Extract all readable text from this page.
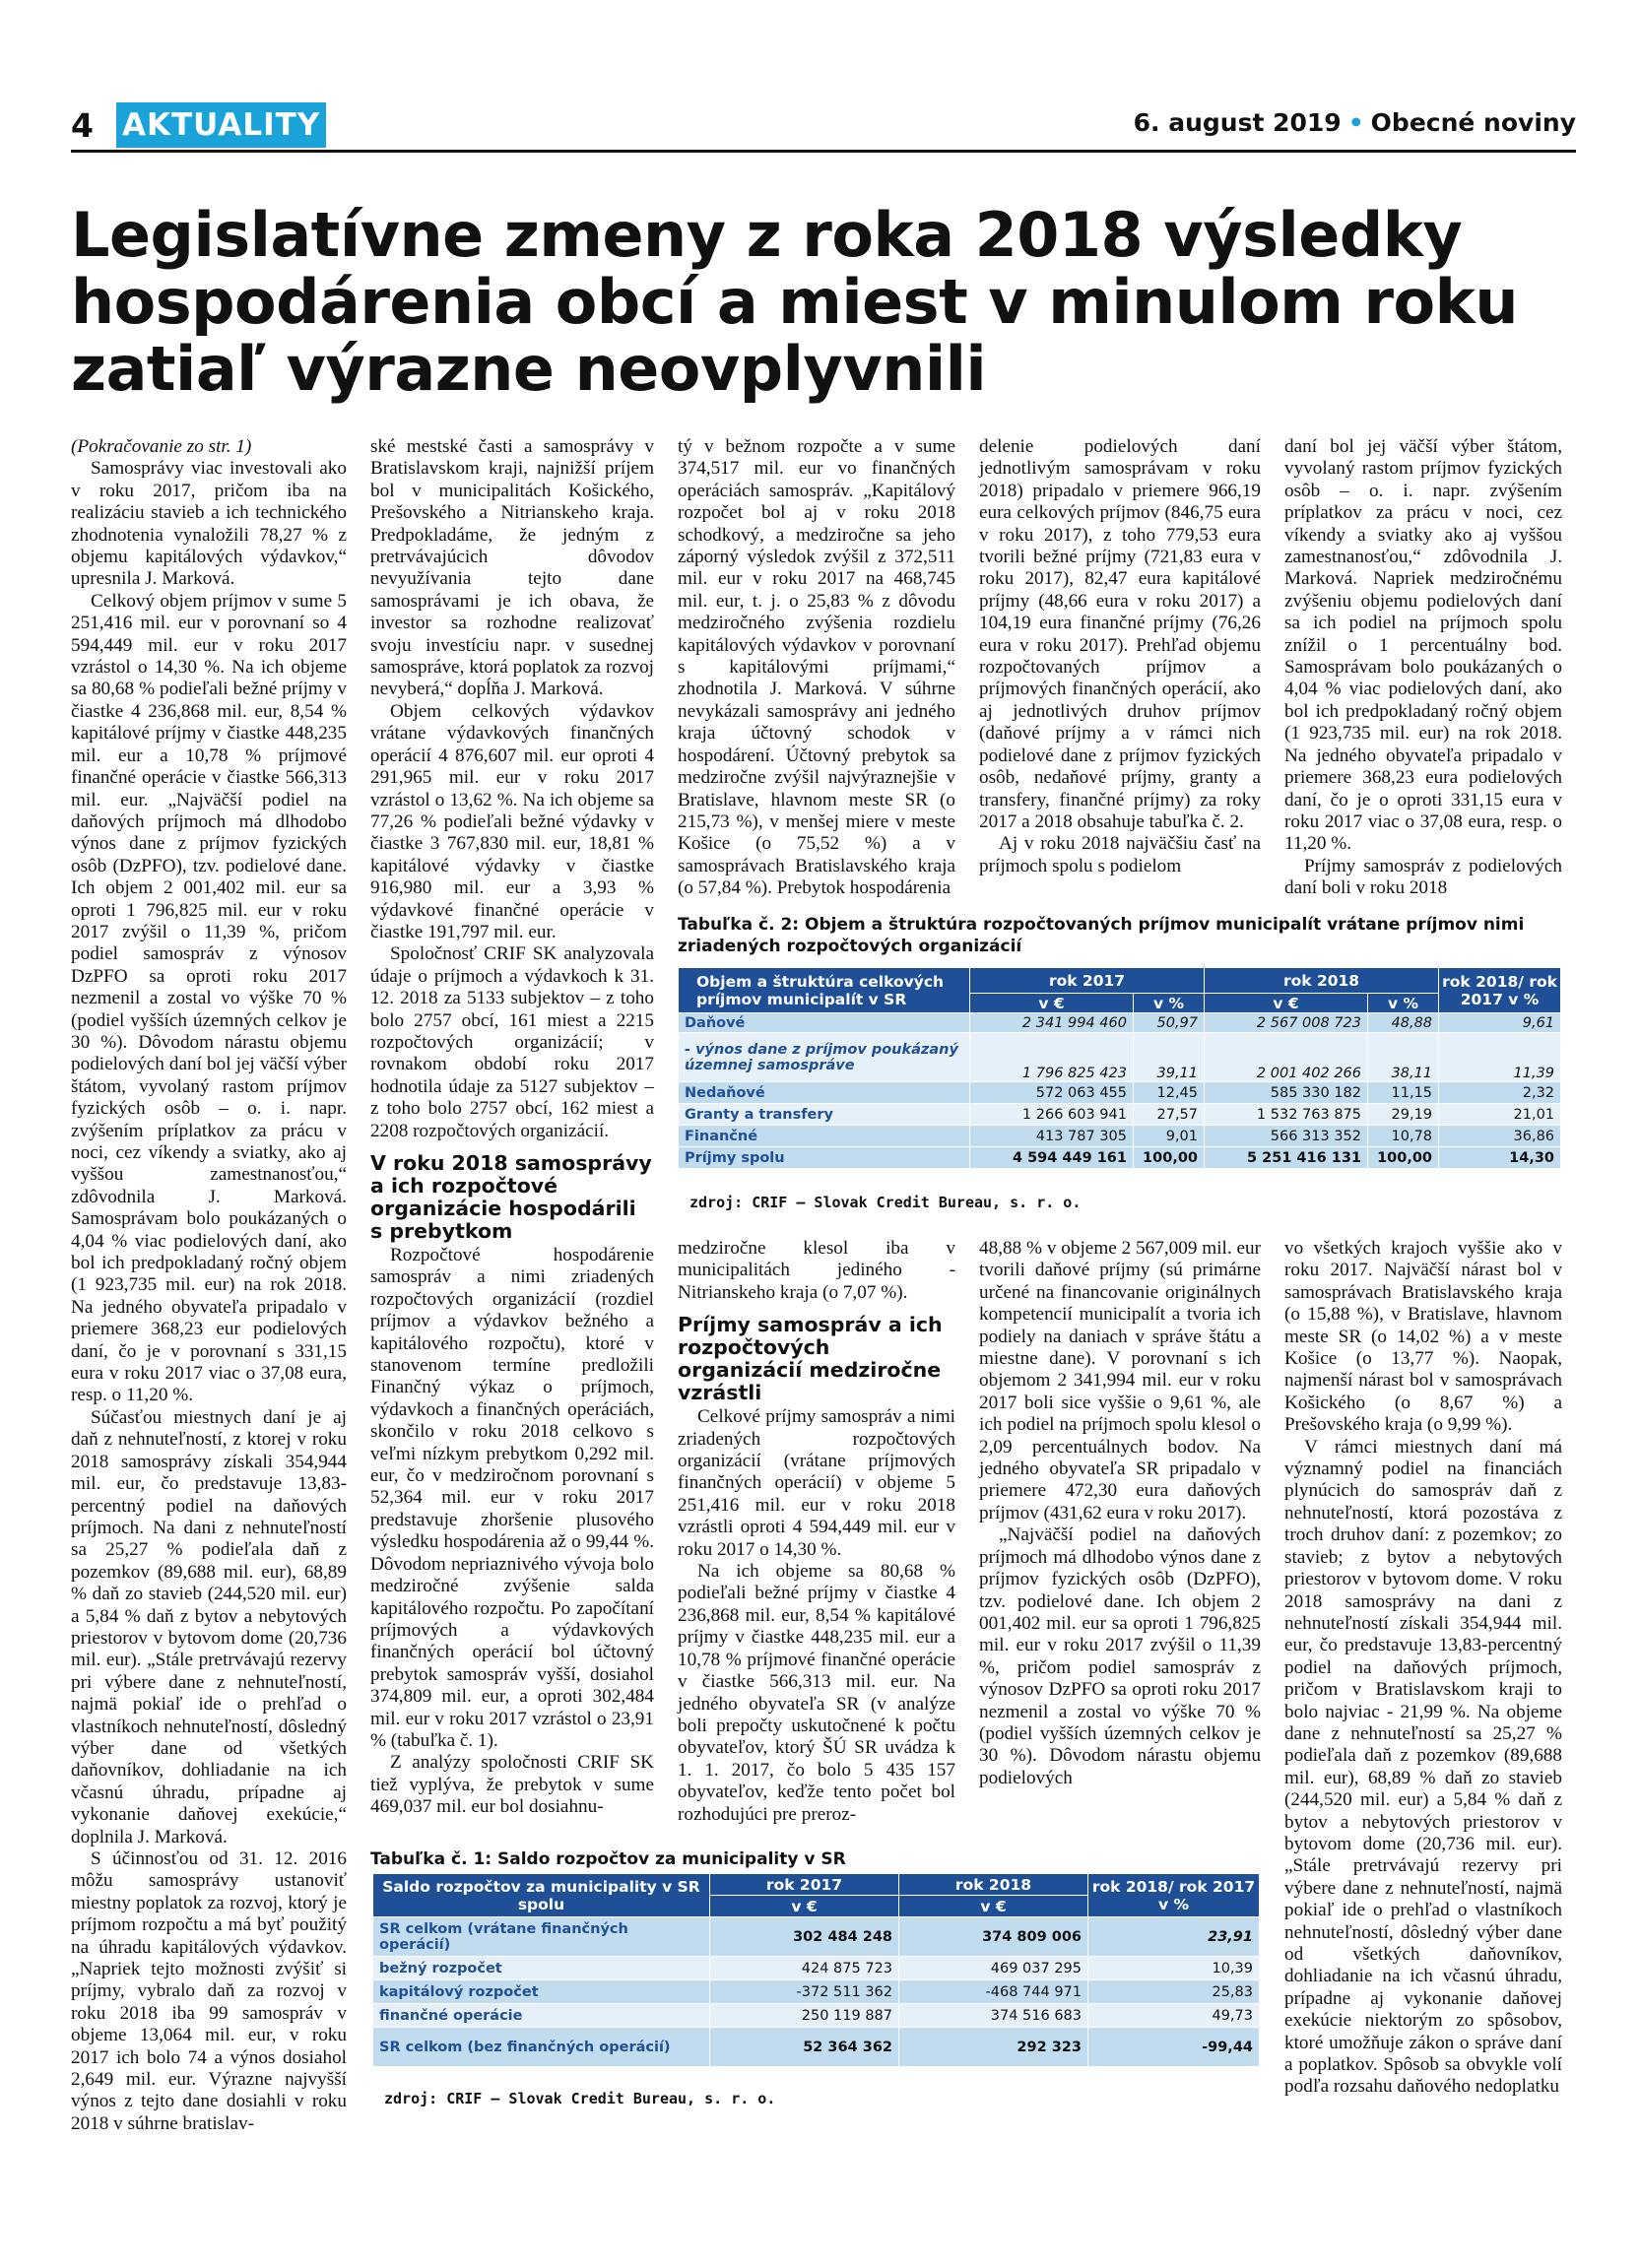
4 AKTUALITY	6. august 2019 • Obecné noviny
Legislatívne zmeny z roka 2018 výsledky hospodárenia obcí a miest v minulom roku zatiaľ výrazne neovplyvnili

(Pokračovanie zo str. 1)

Samosprávy viac investovali ako v roku 2017, pričom iba na realizáciu stavieb a ich technického zhodnotenia vynaložili 78,27 % z objemu kapitálových výdavkov,“ upresnila J. Marková.

Celkový objem príjmov v sume 5 251,416 mil. eur v porovnaní so 4 594,449 mil. eur v roku 2017 vzrástol o 14,30 %. Na ich objeme sa 80,68 % podieľali bežné príjmy v čiastke 4 236,868 mil. eur, 8,54 % kapitálové príjmy v čiastke 448,235 mil. eur a 10,78 % príjmové finančné operácie v čiastke 566,313 mil. eur. „Najväčší podiel na daňových príjmoch má dlhodobo výnos dane z príjmov fyzických osôb (DzPFO), tzv. podielové dane. Ich objem 2 001,402 mil. eur sa oproti 1 796,825 mil. eur v roku 2017 zvýšil o 11,39 %, pričom podiel samospráv z výnosov DzPFO sa oproti roku 2017 nezmenil a zostal vo výške 70 % (podiel vyšších územných celkov je 30 %). Dôvodom nárastu objemu podielových daní bol jej väčší výber štátom, vyvolaný rastom príjmov fyzických osôb – o. i. napr. zvýšením príplatkov za prácu v noci, cez víkendy a sviatky, ako aj vyššou zamestnanosťou,“ zdôvodnila J. Marková. Samosprávam bolo poukázaných o 4,04 % viac podielových daní, ako bol ich predpokladaný ročný objem (1 923,735 mil. eur) na rok 2018. Na jedného obyvateľa pripadalo v priemere 368,23 eur podielových daní, čo je v porovnaní s 331,15 eura v roku 2017 viac o 37,08 eura, resp. o 11,20 %.

Súčasťou miestnych daní je aj daň z nehnuteľností, z ktorej v roku 2018 samosprávy získali 354,944 mil. eur, čo predstavuje 13,83-percentný podiel na daňových príjmoch. Na dani z nehnuteľností sa 25,27 % podieľala daň z pozemkov (89,688 mil. eur), 68,89 % daň zo stavieb (244,520 mil. eur) a 5,84 % daň z bytov a nebytových priestorov v bytovom dome (20,736 mil. eur). „Stále pretrvávajú rezervy pri výbere dane z nehnuteľností, najmä pokiaľ ide o prehľad o vlastníkoch nehnuteľností, dôsledný výber dane od všetkých daňovníkov, dohliadanie na ich včasnú úhradu, prípadne aj vykonanie daňovej exekúcie,“ doplnila J. Marková.

S účinnosťou od 31. 12. 2016 môžu samosprávy ustanoviť miestny poplatok za rozvoj, ktorý je príjmom rozpočtu a má byť použitý na úhradu kapitálových výdavkov. „Napriek tejto možnosti zvýšiť si príjmy, vybralo daň za rozvoj v roku 2018 iba 99 samospráv v objeme 13,064 mil. eur, v roku 2017 ich bolo 74 a výnos dosiahol 2,649 mil. eur. Výrazne najvyšší výnos z tejto dane dosiahli v roku 2018 v súhrne bratislav-

ské mestské časti a samosprávy v Bratislavskom kraji, najnižší príjem bol v municipalitách Košického, Prešovského a Nitrianskeho kraja. Predpokladáme, že jedným z pretrvávajúcich dôvodov nevyužívania tejto dane samosprávami je ich obava, že investor sa rozhodne realizovať svoju investíciu napr. v susednej samospráve, ktorá poplatok za rozvoj nevyberá,“ dopĺňa J. Marková.

Objem celkových výdavkov vrátane výdavkových finančných operácií 4 876,607 mil. eur oproti 4 291,965 mil. eur v roku 2017 vzrástol o 13,62 %. Na ich objeme sa 77,26 % podieľali bežné výdavky v čiastke 3 767,830 mil. eur, 18,81 % kapitálové výdavky v čiastke 916,980 mil. eur a 3,93 % výdavkové finančné operácie v čiastke 191,797 mil. eur.

Spoločnosť CRIF SK analyzovala údaje o príjmoch a výdavkoch k 31. 12. 2018 za 5133 subjektov – z toho bolo 2757 obcí, 161 miest a 2215 rozpočtových organizácií; v rovnakom období roku 2017 hodnotila údaje za 5127 subjektov – z toho bolo 2757 obcí, 162 miest a 2208 rozpočtových organizácií.

V roku 2018 samosprávy a ich rozpočtové organizácie hospodárili s prebytkom

Rozpočtové hospodárenie samospráv a nimi zriadených rozpočtových organizácií (rozdiel príjmov a výdavkov bežného a kapitálového rozpočtu), ktoré v stanovenom termíne predložili Finančný výkaz o príjmoch, výdavkoch a finančných operáciách, skončilo v roku 2018 celkovo s veľmi nízkym prebytkom 0,292 mil. eur, čo v medziročnom porovnaní s 52,364 mil. eur v roku 2017 predstavuje zhoršenie plusového výsledku hospodárenia až o 99,44 %. Dôvodom nepriaznivého vývoja bolo medziročné zvýšenie salda kapitálového rozpočtu. Po započítaní príjmových a výdavkových finančných operácií bol účtovný prebytok samospráv vyšší, dosiahol 374,809 mil. eur, a oproti 302,484 mil. eur v roku 2017 vzrástol o 23,91 % (tabuľka č. 1).

Z analýzy spoločnosti CRIF SK tiež vyplýva, že prebytok v sume 469,037 mil. eur bol dosiahnu-

tý v bežnom rozpočte a v sume 374,517 mil. eur vo finančných operáciách samospráv. „Kapitálový rozpočet bol aj v roku 2018 schodkový, a medziročne sa jeho záporný výsledok zvýšil z 372,511 mil. eur v roku 2017 na 468,745 mil. eur, t. j. o 25,83 % z dôvodu medziročného zvýšenia rozdielu kapitálových výdavkov v porovnaní s kapitálovými príjmami,“ zhodnotila J. Marková. V súhrne nevykázali samosprávy ani jedného kraja účtovný schodok v hospodárení. Účtovný prebytok sa medziročne zvýšil najvýraznejšie v Bratislave, hlavnom meste SR (o 215,73 %), v menšej miere v meste Košice (o 75,52 %) a v samosprávach Bratislavského kraja (o 57,84 %). Prebytok hospodárenia

delenie podielových daní jednotlivým samosprávam v roku 2018) pripadalo v priemere 966,19 eura celkových príjmov (846,75 eura v roku 2017), z toho 779,53 eura tvorili bežné príjmy (721,83 eura v roku 2017), 82,47 eura kapitálové príjmy (48,66 eura v roku 2017) a 104,19 eura finančné príjmy (76,26 eura v roku 2017). Prehľad objemu rozpočtovaných príjmov a príjmových finančných operácií, ako aj jednotlivých druhov príjmov (daňové príjmy a v rámci nich podielové dane z príjmov fyzických osôb, nedaňové príjmy, granty a transfery, finančné príjmy) za roky 2017 a 2018 obsahuje tabuľka č. 2.

Aj v roku 2018 najväčšiu časť na príjmoch spolu s podielom

daní bol jej väčší výber štátom, vyvolaný rastom príjmov fyzických osôb – o. i. napr. zvýšením príplatkov za prácu v noci, cez víkendy a sviatky ako aj vyššou zamestnanosťou,“ zdôvodnila J. Marková. Napriek medziročnému zvýšeniu objemu podielových daní sa ich podiel na príjmoch spolu znížil o 1 percentuálny bod. Samosprávam bolo poukázaných o 4,04 % viac podielových daní, ako bol ich predpokladaný ročný objem (1 923,735 mil. eur) na rok 2018. Na jedného obyvateľa pripadalo v priemere 368,23 eura podielových daní, čo je o oproti 331,15 eura v roku 2017 viac o 37,08 eura, resp. o 11,20 %.

Príjmy samospráv z podielových daní boli v roku 2018

Tabuľka č. 2: Objem a štruktúra rozpočtovaných príjmov municipalít vrátane príjmov nimi zriadených rozpočtových organizácií
Objem a štruktúra celkových príjmov municipalít v SR	rok 2017		rok 2018		rok 2018/ rok 2017 v %
	v €	v %	v €	v %	
Daňové	2 341 994 460	50,97	2 567 008 723	48,88	9,61
- výnos dane z príjmov poukázaný územnej samospráve	1 796 825 423	39,11	2 001 402 266	38,11	11,39
Nedaňové	572 063 455	12,45	585 330 182	11,15	2,32
Granty a transfery	1 266 603 941	27,57	1 532 763 875	29,19	21,01
Finančné	413 787 305	9,01	566 313 352	10,78	36,86
Príjmy spolu	4 594 449 161	100,00	5 251 416 131	100,00	14,30
zdroj: CRIF – Slovak Credit Bureau, s. r. o.

medziročne klesol iba v municipalitách jediného - Nitrianskeho kraja (o 7,07 %).

Príjmy samospráv a ich rozpočtových organizácií medziročne vzrástli

Celkové príjmy samospráv a nimi zriadených rozpočtových organizácií (vrátane príjmových finančných operácií) v objeme 5 251,416 mil. eur v roku 2018 vzrástli oproti 4 594,449 mil. eur v roku 2017 o 14,30 %.

Na ich objeme sa 80,68 % podieľali bežné príjmy v čiastke 4 236,868 mil. eur, 8,54 % kapitálové príjmy v čiastke 448,235 mil. eur a 10,78 % príjmové finančné operácie v čiastke 566,313 mil. eur. Na jedného obyvateľa SR (v analýze boli prepočty uskutočnené k počtu obyvateľov, ktorý ŠÚ SR uvádza k 1. 1. 2017, čo bolo 5 435 157 obyvateľov, keďže tento počet bol rozhodujúci pre preroz-

48,88 % v objeme 2 567,009 mil. eur tvorili daňové príjmy (sú primárne určené na financovanie originálnych kompetencií municipalít a tvoria ich podiely na daniach v správe štátu a miestne dane). V porovnaní s ich objemom 2 341,994 mil. eur v roku 2017 boli sice vyššie o 9,61 %, ale ich podiel na príjmoch spolu klesol o 2,09 percentuálnych bodov. Na jedného obyvateľa SR pripadalo v priemere 472,30 eura daňových príjmov (431,62 eura v roku 2017).

„Najväčší podiel na daňových príjmoch má dlhodobo výnos dane z príjmov fyzických osôb (DzPFO), tzv. podielové dane. Ich objem 2 001,402 mil. eur sa oproti 1 796,825 mil. eur v roku 2017 zvýšil o 11,39 %, pričom podiel samospráv z výnosov DzPFO sa oproti roku 2017 nezmenil a zostal vo výške 70 % (podiel vyšších územných celkov je 30 %). Dôvodom nárastu objemu podielových

vo všetkých krajoch vyššie ako v roku 2017. Najväčší nárast bol v samosprávach Bratislavského kraja (o 15,88 %), v Bratislave, hlavnom meste SR (o 14,02 %) a v meste Košice (o 13,77 %). Naopak, najmenší nárast bol v samosprávach Košického (o 8,67 %) a Prešovského kraja (o 9,99 %).

V rámci miestnych daní má významný podiel na financiách plynúcich do samospráv daň z nehnuteľností, ktorá pozostáva z troch druhov daní: z pozemkov; zo stavieb; z bytov a nebytových priestorov v bytovom dome. V roku 2018 samosprávy na dani z nehnuteľností získali 354,944 mil. eur, čo predstavuje 13,83-percentný podiel na daňových príjmoch, pričom v Bratislavskom kraji to bolo najviac - 21,99 %. Na objeme dane z nehnuteľností sa 25,27 % podieľala daň z pozemkov (89,688 mil. eur), 68,89 % daň zo stavieb (244,520 mil. eur) a 5,84 % daň z bytov a nebytových priestorov v bytovom dome (20,736 mil. eur). „Stále pretrvávajú rezervy pri výbere dane z nehnuteľností, najmä pokiaľ ide o prehľad o vlastníkoch nehnuteľností, dôsledný výber dane od všetkých daňovníkov, dohliadanie na ich včasnú úhradu, prípadne aj vykonanie daňovej exekúcie niektorým zo spôsobov, ktoré umožňuje zákon o správe daní a poplatkov. Spôsob sa obvykle volí podľa rozsahu daňového nedoplatku

Tabuľka č. 1: Saldo rozpočtov za municipality v SR
Saldo rozpočtov za municipality v SR spolu	rok 2017	rok 2018	rok 2018/ rok 2017 v %
	v €	v €	
SR celkom (vrátane finančných operácií)	302 484 248	374 809 006	23,91
bežný rozpočet	424 875 723	469 037 295	10,39
kapitálový rozpočet	-372 511 362	-468 744 971	25,83
finančné operácie	250 119 887	374 516 683	49,73
SR celkom (bez finančných operácií)	52 364 362	292 323	-99,44
zdroj: CRIF – Slovak Credit Bureau, s. r. o.
